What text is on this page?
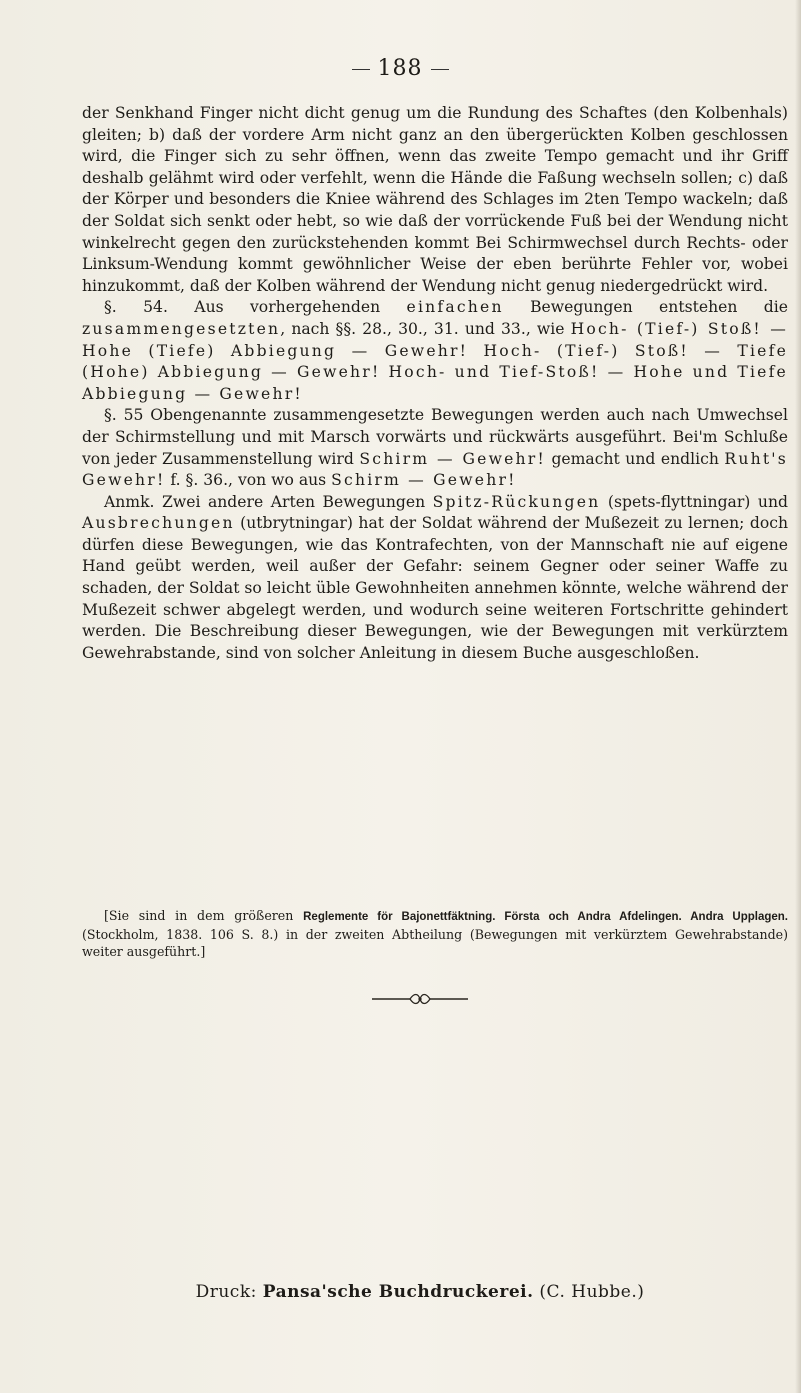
188

der Senkhand Finger nicht dicht genug um die Rundung des Schaftes (den Kolbenhals) gleiten; b) daß der vordere Arm nicht ganz an den übergerückten Kolben geschlossen wird, die Finger sich zu sehr öffnen, wenn das zweite Tempo gemacht und ihr Griff deshalb gelähmt wird oder verfehlt, wenn die Hände die Faßung wechseln sollen; c) daß der Körper und besonders die Kniee während des Schlages im 2ten Tempo wackeln; daß der Soldat sich senkt oder hebt, so wie daß der vorrückende Fuß bei der Wendung nicht winkelrecht gegen den zurückstehenden kommt Bei Schirmwechsel durch Rechts- oder Linksum-Wendung kommt gewöhnlicher Weise der eben berührte Fehler vor, wobei hinzukommt, daß der Kolben während der Wendung nicht genug niedergedrückt wird.

§. 54. Aus vorhergehenden einfachen Bewegungen entstehen die zusammengesetzten, nach §§. 28., 30., 31. und 33., wie Hoch- (Tief-) Stoß! — Hohe (Tiefe) Abbiegung — Gewehr! Hoch- (Tief-) Stoß! — Tiefe (Hohe) Abbiegung — Gewehr! Hoch- und Tief-Stoß! — Hohe und Tiefe Abbiegung — Gewehr!

§. 55 Obengenannte zusammengesetzte Bewegungen werden auch nach Umwechsel der Schirmstellung und mit Marsch vorwärts und rückwärts ausgeführt. Bei'm Schluße von jeder Zusammenstellung wird Schirm — Gewehr! gemacht und endlich Ruht's Gewehr! f. §. 36., von wo aus Schirm — Gewehr!

Anmk. Zwei andere Arten Bewegungen Spitz-Rückungen (spets-flyttningar) und Ausbrechungen (utbrytningar) hat der Soldat während der Mußezeit zu lernen; doch dürfen diese Bewegungen, wie das Kontrafechten, von der Mannschaft nie auf eigene Hand geübt werden, weil außer der Gefahr: seinem Gegner oder seiner Waffe zu schaden, der Soldat so leicht üble Gewohnheiten annehmen könnte, welche während der Mußezeit schwer abgelegt werden, und wodurch seine weiteren Fortschritte gehindert werden. Die Beschreibung dieser Bewegungen, wie der Bewegungen mit verkürztem Gewehrabstande, sind von solcher Anleitung in diesem Buche ausgeschloßen.

[Sie sind in dem größeren Reglemente för Bajonettfäktning. Första och Andra Afdelingen. Andra Upplagen. (Stockholm, 1838. 106 S. 8.) in der zweiten Abtheilung (Bewegungen mit verkürztem Gewehrabstande) weiter ausgeführt.]

Druck: Pansa'sche Buchdruckerei. (C. Hubbe.)
